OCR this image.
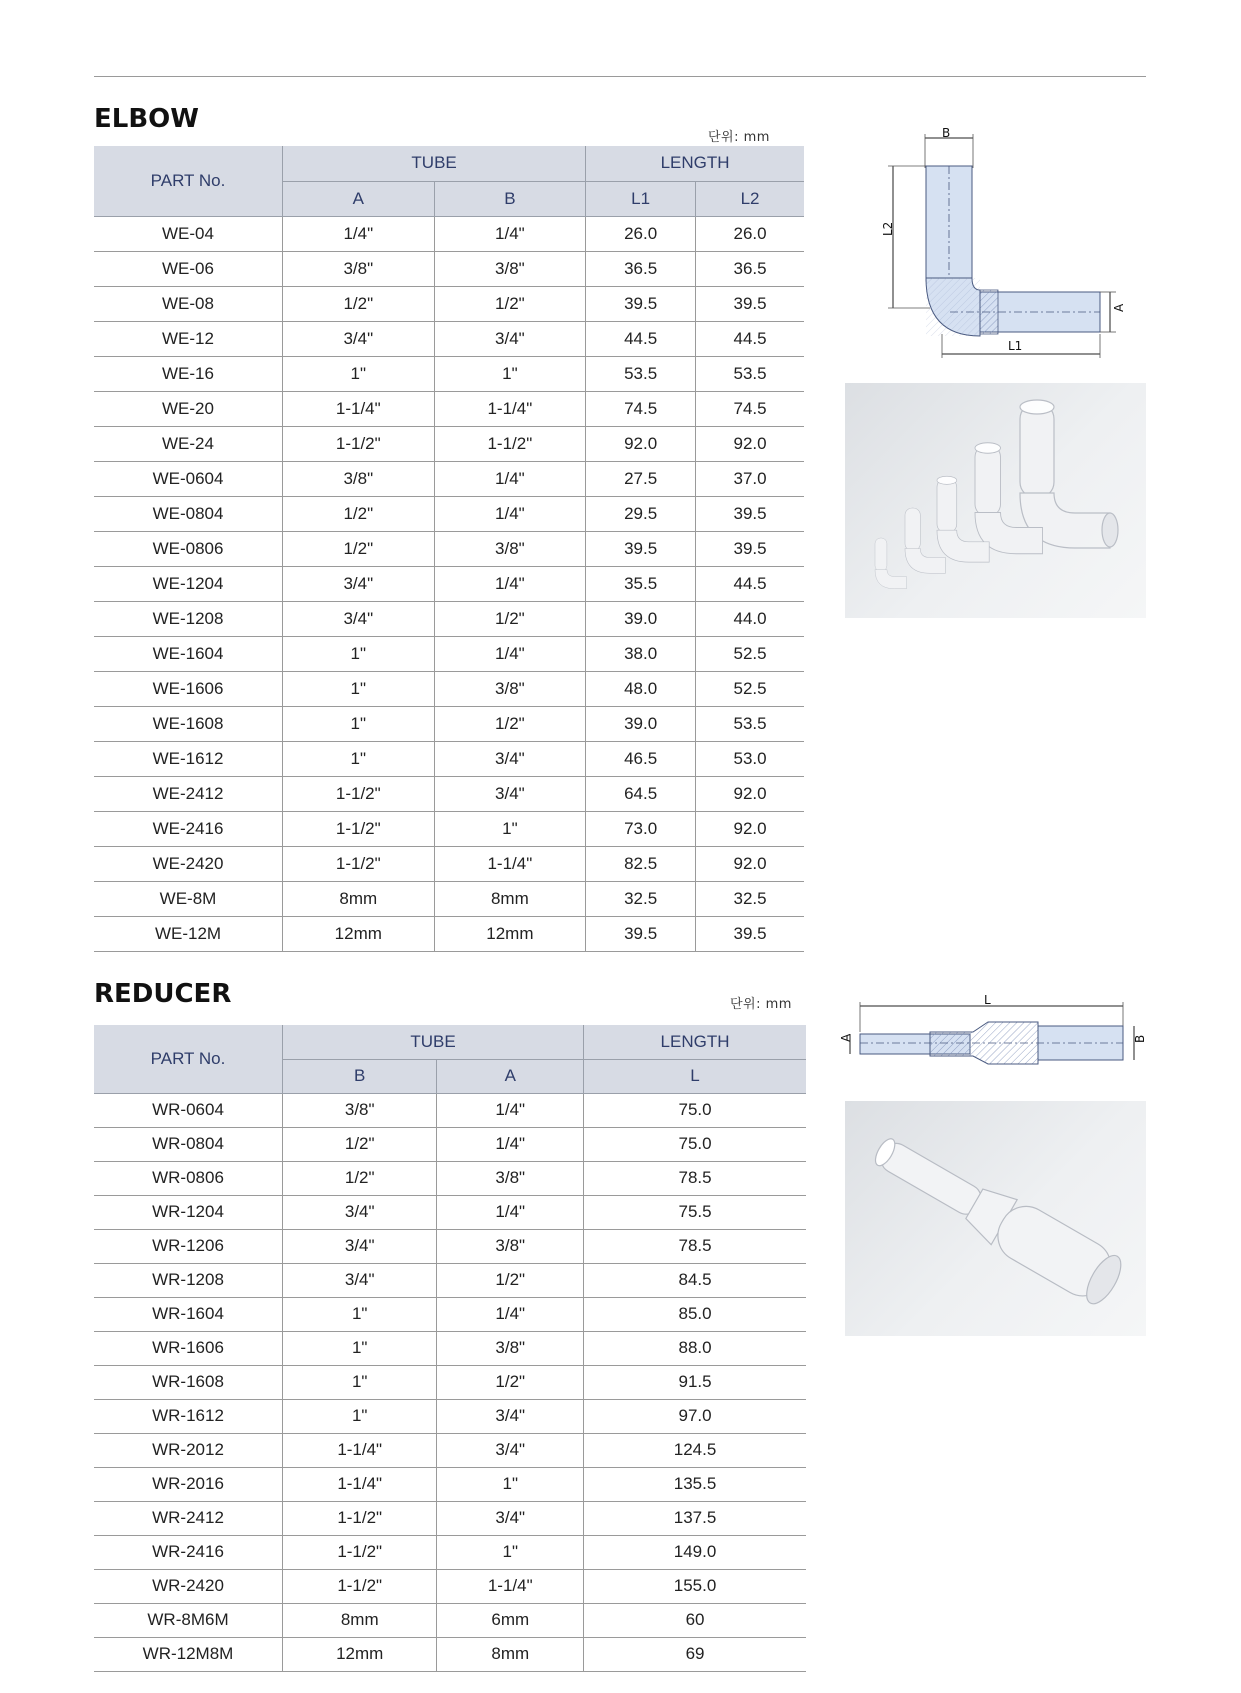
ELBOW
단위: mm
PART No.	TUBE		LENGTH	
	A	B	L1	L2
WE-04	1/4"	1/4"	26.0	26.0
WE-06	3/8"	3/8"	36.5	36.5
WE-08	1/2"	1/2"	39.5	39.5
WE-12	3/4"	3/4"	44.5	44.5
WE-16	1"	1"	53.5	53.5
WE-20	1-1/4"	1-1/4"	74.5	74.5
WE-24	1-1/2"	1-1/2"	92.0	92.0
WE-0604	3/8"	1/4"	27.5	37.0
WE-0804	1/2"	1/4"	29.5	39.5
WE-0806	1/2"	3/8"	39.5	39.5
WE-1204	3/4"	1/4"	35.5	44.5
WE-1208	3/4"	1/2"	39.0	44.0
WE-1604	1"	1/4"	38.0	52.5
WE-1606	1"	3/8"	48.0	52.5
WE-1608	1"	1/2"	39.0	53.5
WE-1612	1"	3/4"	46.5	53.0
WE-2412	1-1/2"	3/4"	64.5	92.0
WE-2416	1-1/2"	1"	73.0	92.0
WE-2420	1-1/2"	1-1/4"	82.5	92.0
WE-8M	8mm	8mm	32.5	32.5
WE-12M	12mm	12mm	39.5	39.5
B
L2
A
L1
REDUCER	단위: mm
PART No.	TUBE		LENGTH
	B	A	L
WR-0604	3/8"	1/4"	75.0
WR-0804	1/2"	1/4"	75.0
WR-0806	1/2"	3/8"	78.5
WR-1204	3/4"	1/4"	75.5
WR-1206	3/4"	3/8"	78.5
WR-1208	3/4"	1/2"	84.5
WR-1604	1"	1/4"	85.0
WR-1606	1"	3/8"	88.0
WR-1608	1"	1/2"	91.5
WR-1612	1"	3/4"	97.0
WR-2012	1-1/4"	3/4"	124.5
WR-2016	1-1/4"	1"	135.5
WR-2412	1-1/2"	3/4"	137.5
WR-2416	1-1/2"	1"	149.0
WR-2420	1-1/2"	1-1/4"	155.0
WR-8M6M	8mm	6mm	60
WR-12M8M	12mm	8mm	69
L
A	B
